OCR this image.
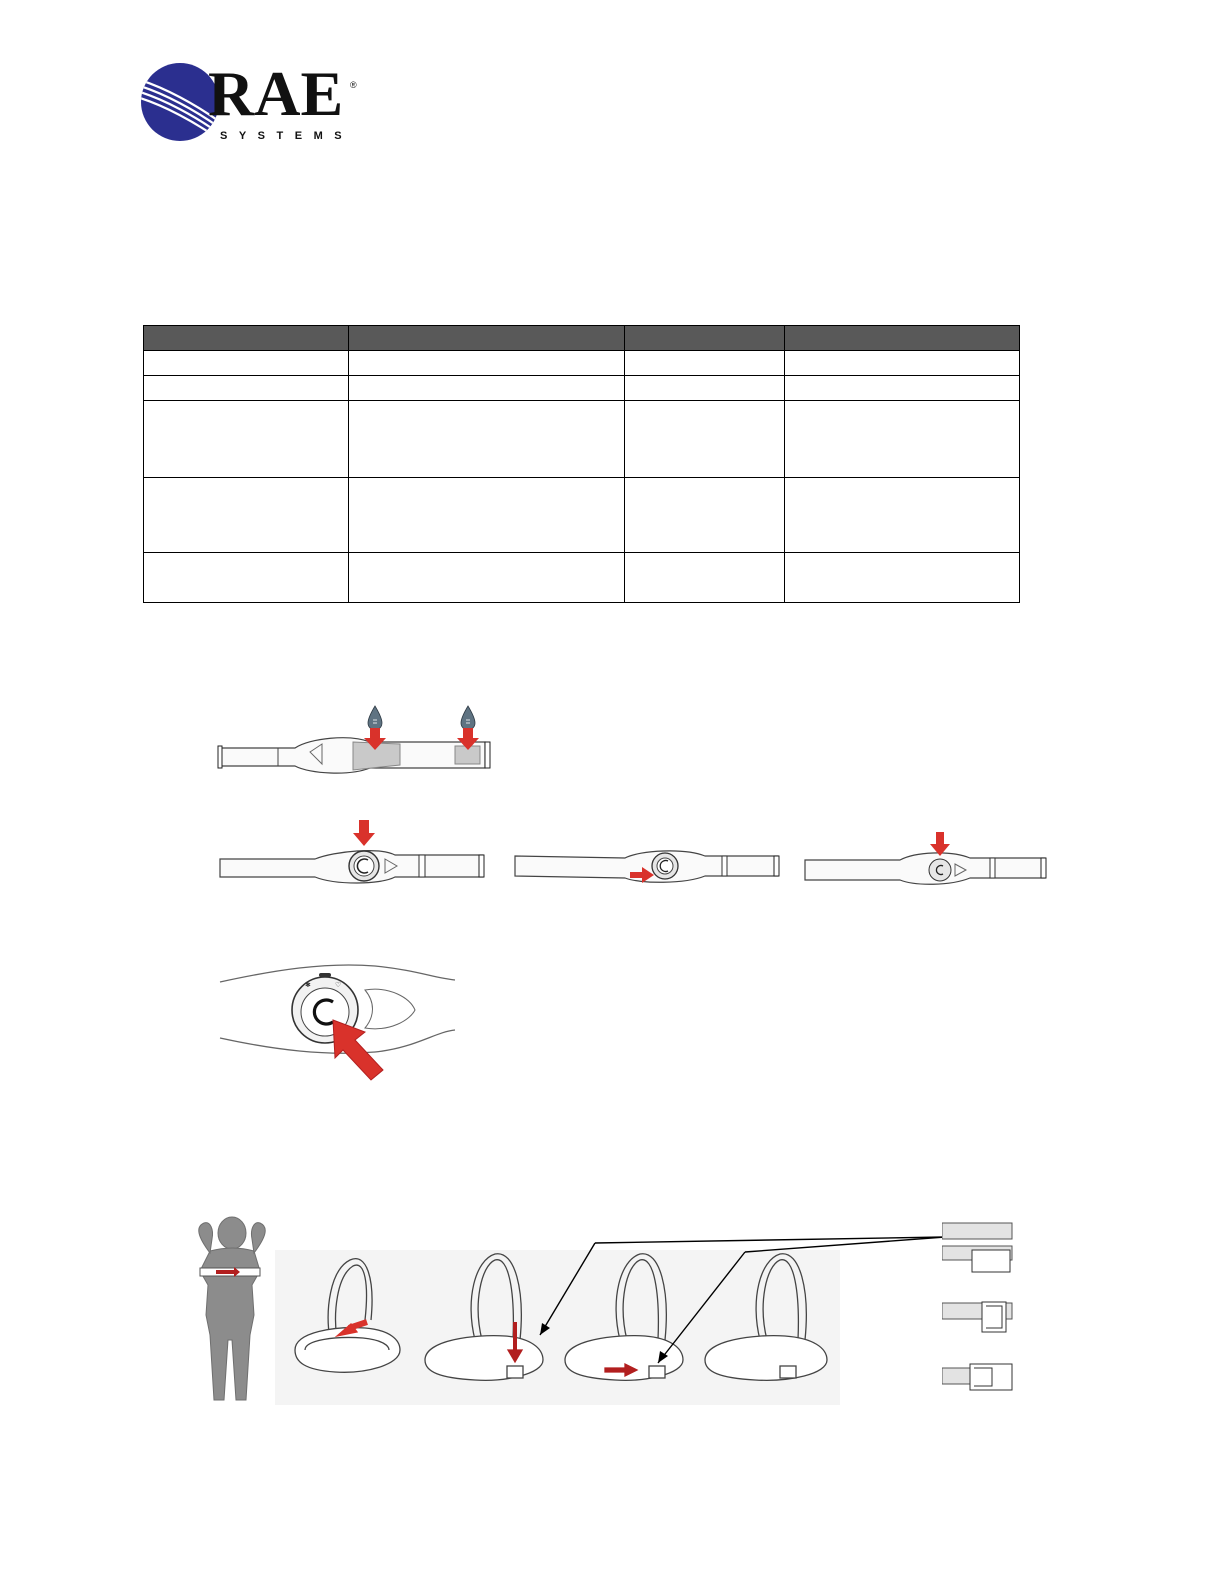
RAE ®
SYSTEMS

✱	♡
